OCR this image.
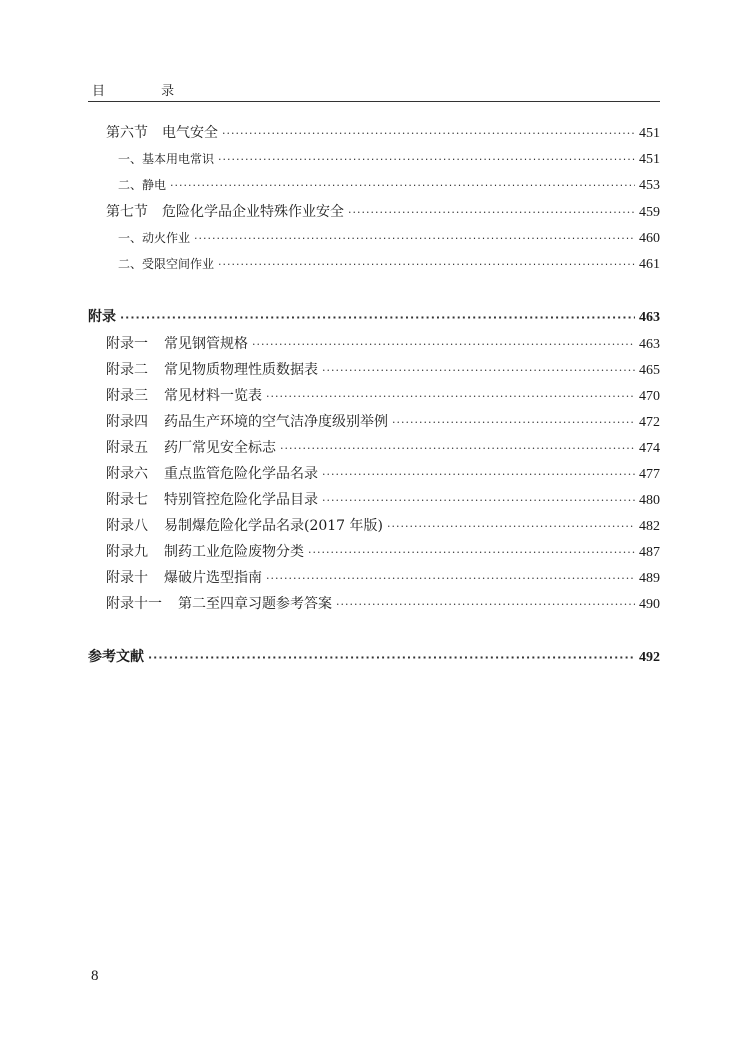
目 录
第六节 电气安全 ·····	451
一、基本用电常识 ·····	451
二、静电 ·····	453
第七节 危险化学品企业特殊作业安全 ·····	459
一、动火作业 ·····	460
二、受限空间作业 ·····	461
附录 ·····	463
附录一 常见钢管规格 ·····	463
附录二 常见物质物理性质数据表 ·····	465
附录三 常见材料一览表 ·····	470
附录四 药品生产环境的空气洁净度级别举例 ·····	472
附录五 药厂常见安全标志 ·····	474
附录六 重点监管危险化学品名录 ·····	477
附录七 特别管控危险化学品目录 ·····	480
附录八 易制爆危险化学品名录(2017 年版) ·····	482
附录九 制药工业危险废物分类 ·····	487
附录十 爆破片选型指南 ·····	489
附录十一 第二至四章习题参考答案 ·····	490
参考文献 ·····	492
8
